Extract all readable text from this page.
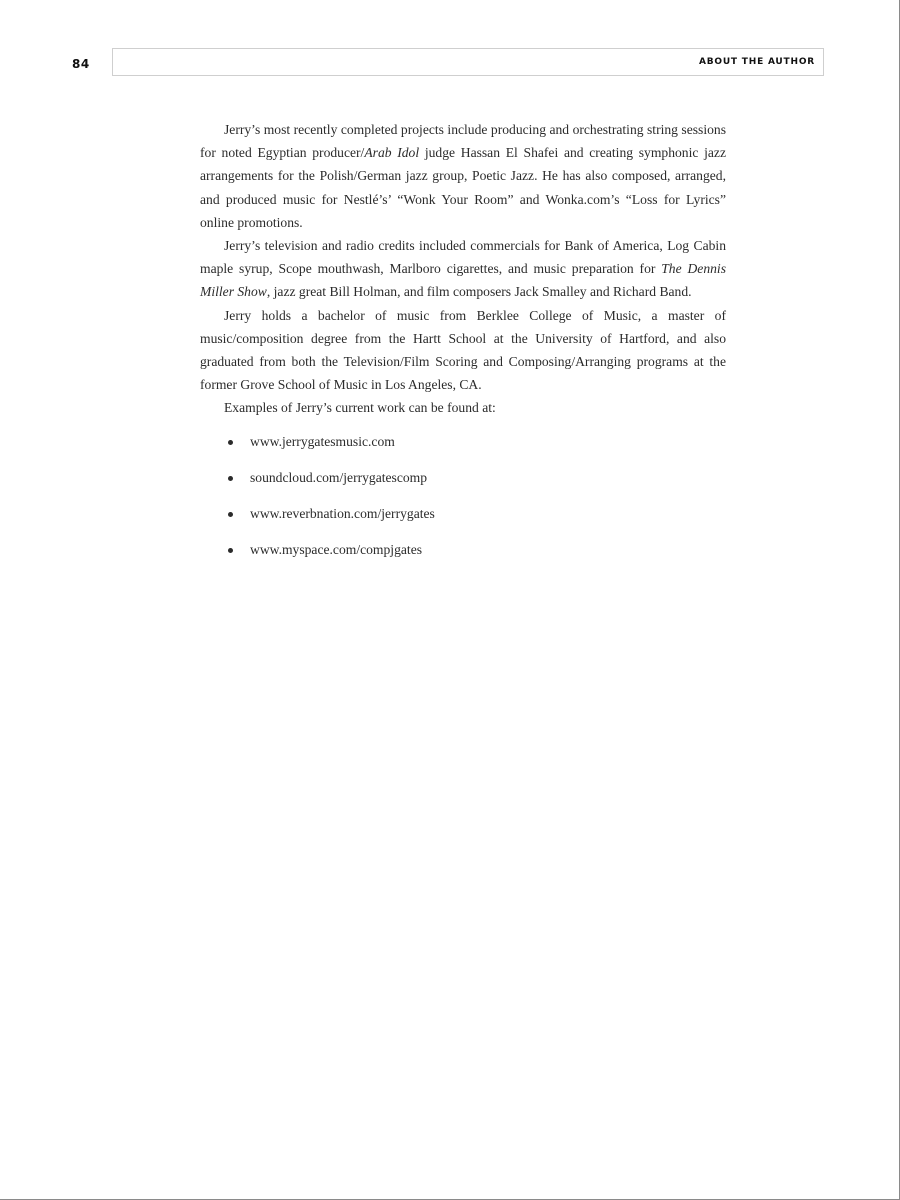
84	ABOUT THE AUTHOR

Jerry’s most recently completed projects include producing and orchestrating string sessions for noted Egyptian producer/Arab Idol judge Hassan El Shafei and creating symphonic jazz arrangements for the Polish/German jazz group, Poetic Jazz. He has also composed, arranged, and produced music for Nestlé’s’ “Wonk Your Room” and Wonka.com’s “Loss for Lyrics” online promotions.

Jerry’s television and radio credits included commercials for Bank of America, Log Cabin maple syrup, Scope mouthwash, Marlboro cigarettes, and music preparation for The Dennis Miller Show, jazz great Bill Holman, and film composers Jack Smalley and Richard Band.

Jerry holds a bachelor of music from Berklee College of Music, a master of music/composition degree from the Hartt School at the University of Hartford, and also graduated from both the Television/Film Scoring and Composing/Arranging programs at the former Grove School of Music in Los Angeles, CA.

Examples of Jerry’s current work can be found at:

www.jerrygatesmusic.com
soundcloud.com/jerrygatescomp
www.reverbnation.com/jerrygates
www.myspace.com/compjgates
